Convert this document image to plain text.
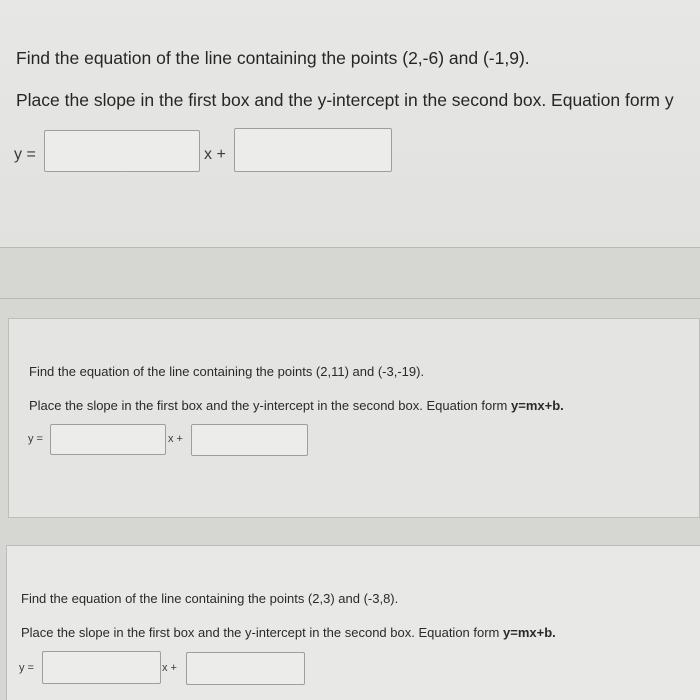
Find the equation of the line containing the points (2,-6) and (-1,9).
Place the slope in the first box and the y-intercept in the second box. Equation form y
y =	x +
Find the equation of the line containing the points (2,11) and (-3,-19).
Place the slope in the first box and the y-intercept in the second box. Equation form y=mx+b.
y =	x +
Find the equation of the line containing the points (2,3) and (-3,8).
Place the slope in the first box and the y-intercept in the second box. Equation form y=mx+b.
y =	x +
